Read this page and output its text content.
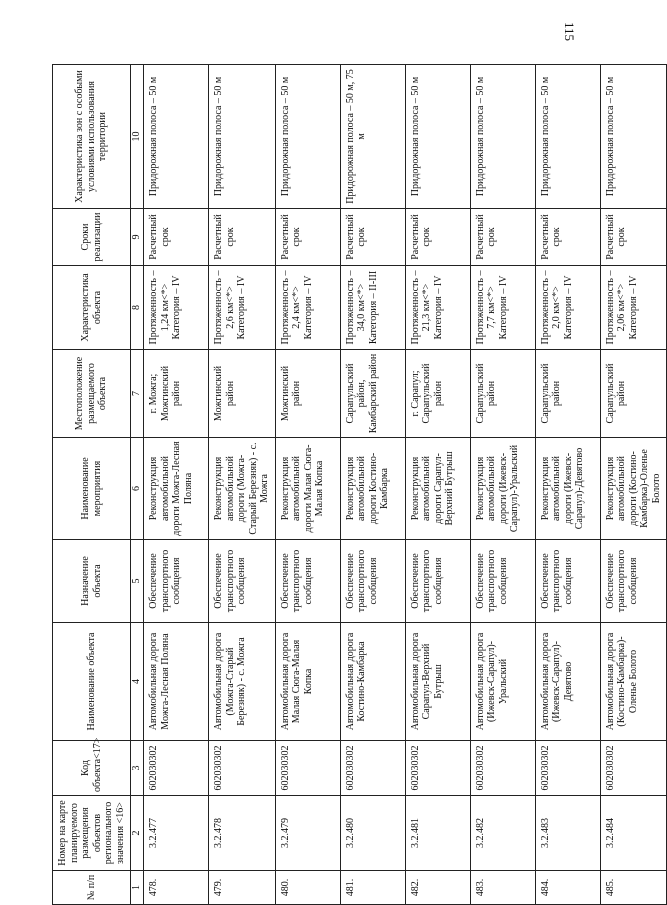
115
№ п/п	Номер на карте планируемого размещения объектов регионального значения <16>	Код объекта<17>	Наименование объекта	Назначение объекта	Наименование мероприятия	Местоположение размещаемого объекта	Характеристика объекта	Сроки реализации	Характеристика зон с особыми условиями использования территории
1	2	3	4	5	6	7	8	9	10
478.	3.2.477	602030302	Автомобильная дорога Можга-Лесная Поляна	Обеспечение транспортного сообщения	Реконструкция автомобильной дороги Можга-Лесная Поляна	г. Можга; Можгинский район	Протяженность – 1,24 км<*> Категория – IV	Расчетный срок	Придорожная полоса – 50 м
479.	3.2.478	602030302	Автомобильная дорога (Можга-Старый Березняк) - с. Можга	Обеспечение транспортного сообщения	Реконструкция автомобильной дороги (Можга-Старый Березняк) - с. Можга	Можгинский район	Протяженность – 2,6 км<*> Категория – IV	Расчетный срок	Придорожная полоса – 50 м
480.	3.2.479	602030302	Автомобильная дорога Малая Сюга-Малая Копка	Обеспечение транспортного сообщения	Реконструкция автомобильной дороги Малая Сюга-Малая Копка	Можгинский район	Протяженность – 2,4 км<*> Категория – IV	Расчетный срок	Придорожная полоса – 50 м
481.	3.2.480	602030302	Автомобильная дорога Костино-Камбарка	Обеспечение транспортного сообщения	Реконструкция автомобильной дороги Костино-Камбарка	Сарапульский район, Камбарский район	Протяженность – 34,0 км<*> Категория – II-III	Расчетный срок	Придорожная полоса – 50 м, 75 м
482.	3.2.481	602030302	Автомобильная дорога Сарапул-Верхний Бутрыш	Обеспечение транспортного сообщения	Реконструкция автомобильной дороги Сарапул-Верхний Бутрыш	г. Сарапул; Сарапульский район	Протяженность – 21,3 км<*> Категория – IV	Расчетный срок	Придорожная полоса – 50 м
483.	3.2.482	602030302	Автомобильная дорога (Ижевск-Сарапул)-Уральский	Обеспечение транспортного сообщения	Реконструкция автомобильной дороги (Ижевск-Сарапул)-Уральский	Сарапульский район	Протяженность – 7,7 км<*> Категория – IV	Расчетный срок	Придорожная полоса – 50 м
484.	3.2.483	602030302	Автомобильная дорога (Ижевск-Сарапул)-Девятово	Обеспечение транспортного сообщения	Реконструкция автомобильной дороги (Ижевск-Сарапул)-Девятово	Сарапульский район	Протяженность – 2,0 км<*> Категория – IV	Расчетный срок	Придорожная полоса – 50 м
485.	3.2.484	602030302	Автомобильная дорога (Костино-Камбарка)-Оленье Болото	Обеспечение транспортного сообщения	Реконструкция автомобильной дороги (Костино-Камбарка)-Оленье Болото	Сарапульский район	Протяженность – 2,06 км<*> Категория – IV	Расчетный срок	Придорожная полоса – 50 м
